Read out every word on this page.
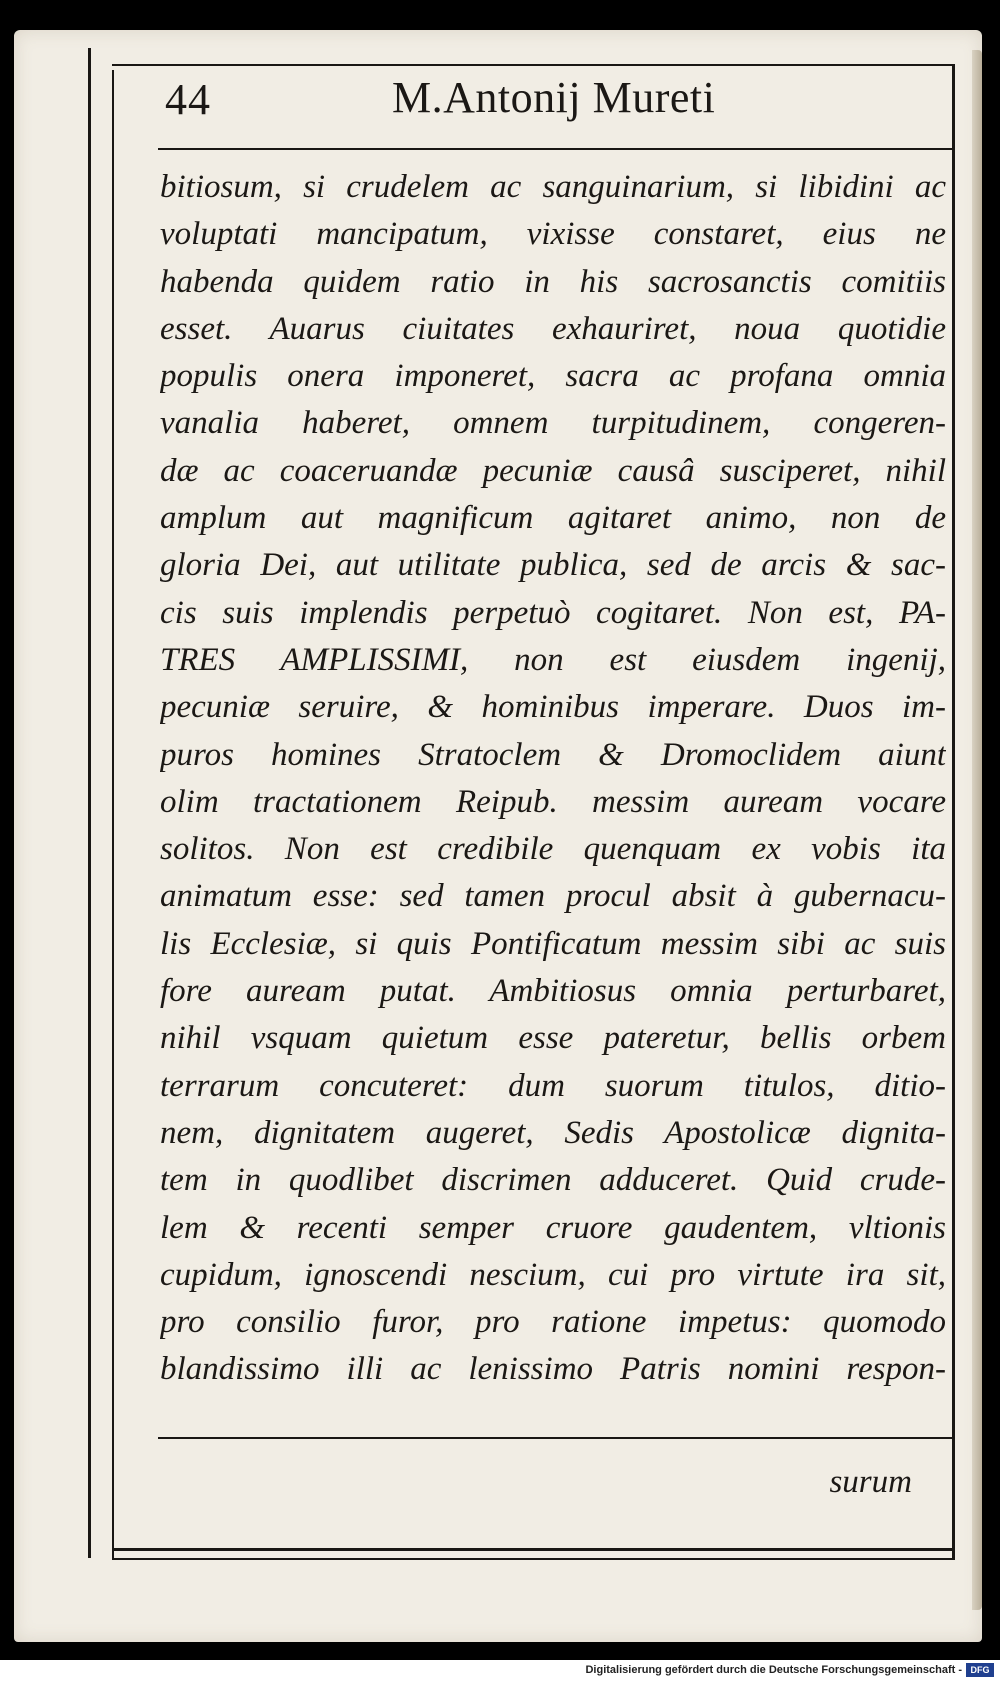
44	M.Antonij Mureti
bitiosum, si crudelem ac sanguinarium, si libidini ac
voluptati mancipatum, vixisse constaret, eius ne
habenda quidem ratio in his sacrosanctis comitiis
esset. Auarus ciuitates exhauriret, noua quotidie
populis onera imponeret, sacra ac profana omnia
vanalia haberet, omnem turpitudinem, congeren-
dæ ac coaceruandæ pecuniæ causâ susciperet, nihil
amplum aut magnificum agitaret animo, non de
gloria Dei, aut utilitate publica, sed de arcis & sac-
cis suis implendis perpetuò cogitaret. Non est, PA-
TRES AMPLISSIMI, non est eiusdem ingenij,
pecuniæ seruire, & hominibus imperare. Duos im-
puros homines Stratoclem & Dromoclidem aiunt
olim tractationem Reipub. messim auream vocare
solitos. Non est credibile quenquam ex vobis ita
animatum esse: sed tamen procul absit à gubernacu-
lis Ecclesiæ, si quis Pontificatum messim sibi ac suis
fore auream putat. Ambitiosus omnia perturbaret,
nihil vsquam quietum esse pateretur, bellis orbem
terrarum concuteret: dum suorum titulos, ditio-
nem, dignitatem augeret, Sedis Apostolicæ dignita-
tem in quodlibet discrimen adduceret. Quid crude-
lem & recenti semper cruore gaudentem, vltionis
cupidum, ignoscendi nescium, cui pro virtute ira sit,
pro consilio furor, pro ratione impetus: quomodo
blandissimo illi ac lenissimo Patris nomini respon-
surum
Digitalisierung gefördert durch die Deutsche Forschungsgemeinschaft - DFG
